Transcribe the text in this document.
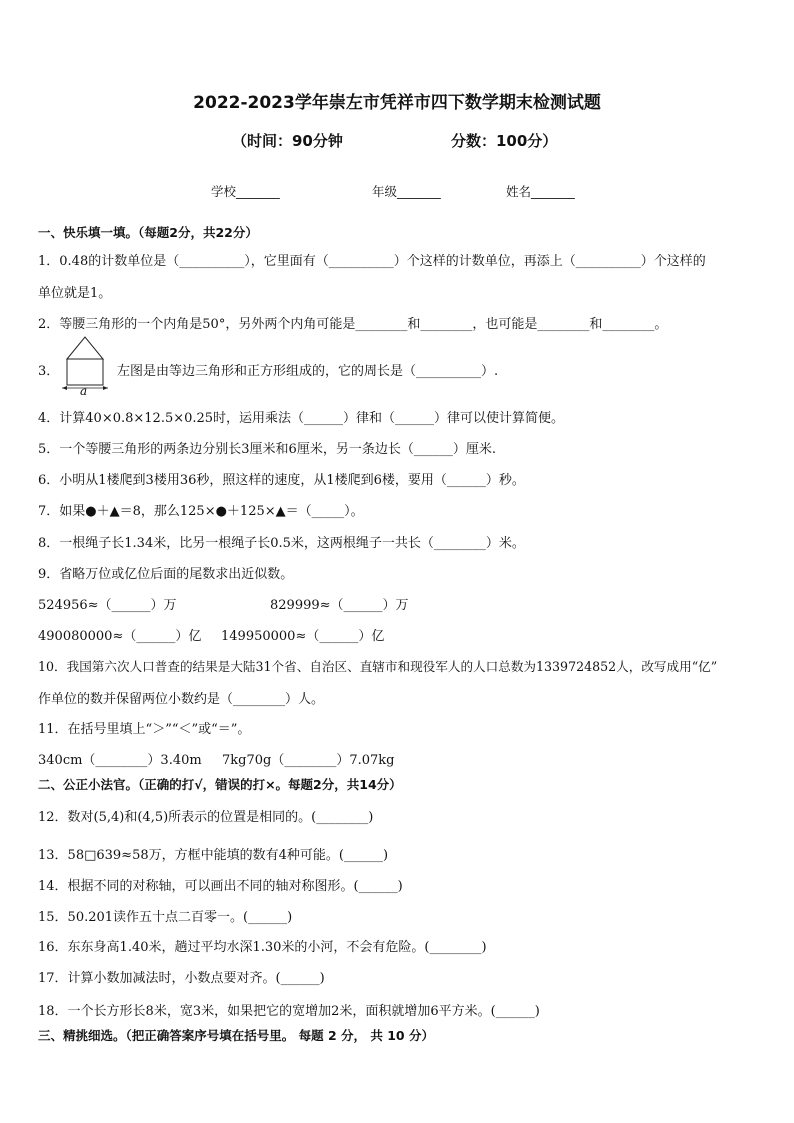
2022-2023学年崇左市凭祥市四下数学期末检测试题
（时间：90分钟	分数：100分）
学校_______	年级_______	姓名_______
一、快乐填一填。（每题2分，共22分）
1．0.48的计数单位是（__________），它里面有（__________）个这样的计数单位，再添上（__________）个这样的
单位就是1。
2．等腰三角形的一个内角是50°，另外两个内角可能是________和________，也可能是________和________。
3．
a
左图是由等边三角形和正方形组成的，它的周长是（__________）.
4．计算40×0.8×12.5×0.25时，运用乘法（______）律和（______）律可以使计算简便。
5．一个等腰三角形的两条边分别长3厘米和6厘米，另一条边长（______）厘米.
6．小明从1楼爬到3楼用36秒，照这样的速度，从1楼爬到6楼，要用（______）秒。
7．如果●＋▲＝8，那么125×●＋125×▲＝（_____）。
8．一根绳子长1.34米，比另一根绳子长0.5米，这两根绳子一共长（________）米。
9．省略万位或亿位后面的尾数求出近似数。
524956≈（______）万	829999≈（______）万
490080000≈（______）亿 149950000≈（______）亿
10．我国第六次人口普查的结果是大陆31个省、自治区、直辖市和现役军人的人口总数为1339724852人，改写成用“亿”
作单位的数并保留两位小数约是（________）人。
11．在括号里填上“＞”“＜”或“＝”。
340cm（________）3.40m 7kg70g（________）7.07kg
二、公正小法官。（正确的打√，错误的打×。每题2分，共14分）
12．数对(5,4)和(4,5)所表示的位置是相同的。(________)
13．58□639≈58万，方框中能填的数有4种可能。(______)
14．根据不同的对称轴，可以画出不同的轴对称图形。(______)
15．50.201读作五十点二百零一。(______)
16．东东身高1.40米，趟过平均水深1.30米的小河，不会有危险。(________)
17．计算小数加减法时，小数点要对齐。(______)
18．一个长方形长8米，宽3米，如果把它的宽增加2米，面积就增加6平方米。(______)
三、精挑细选。（把正确答案序号填在括号里。 每题 2 分， 共 10 分）
